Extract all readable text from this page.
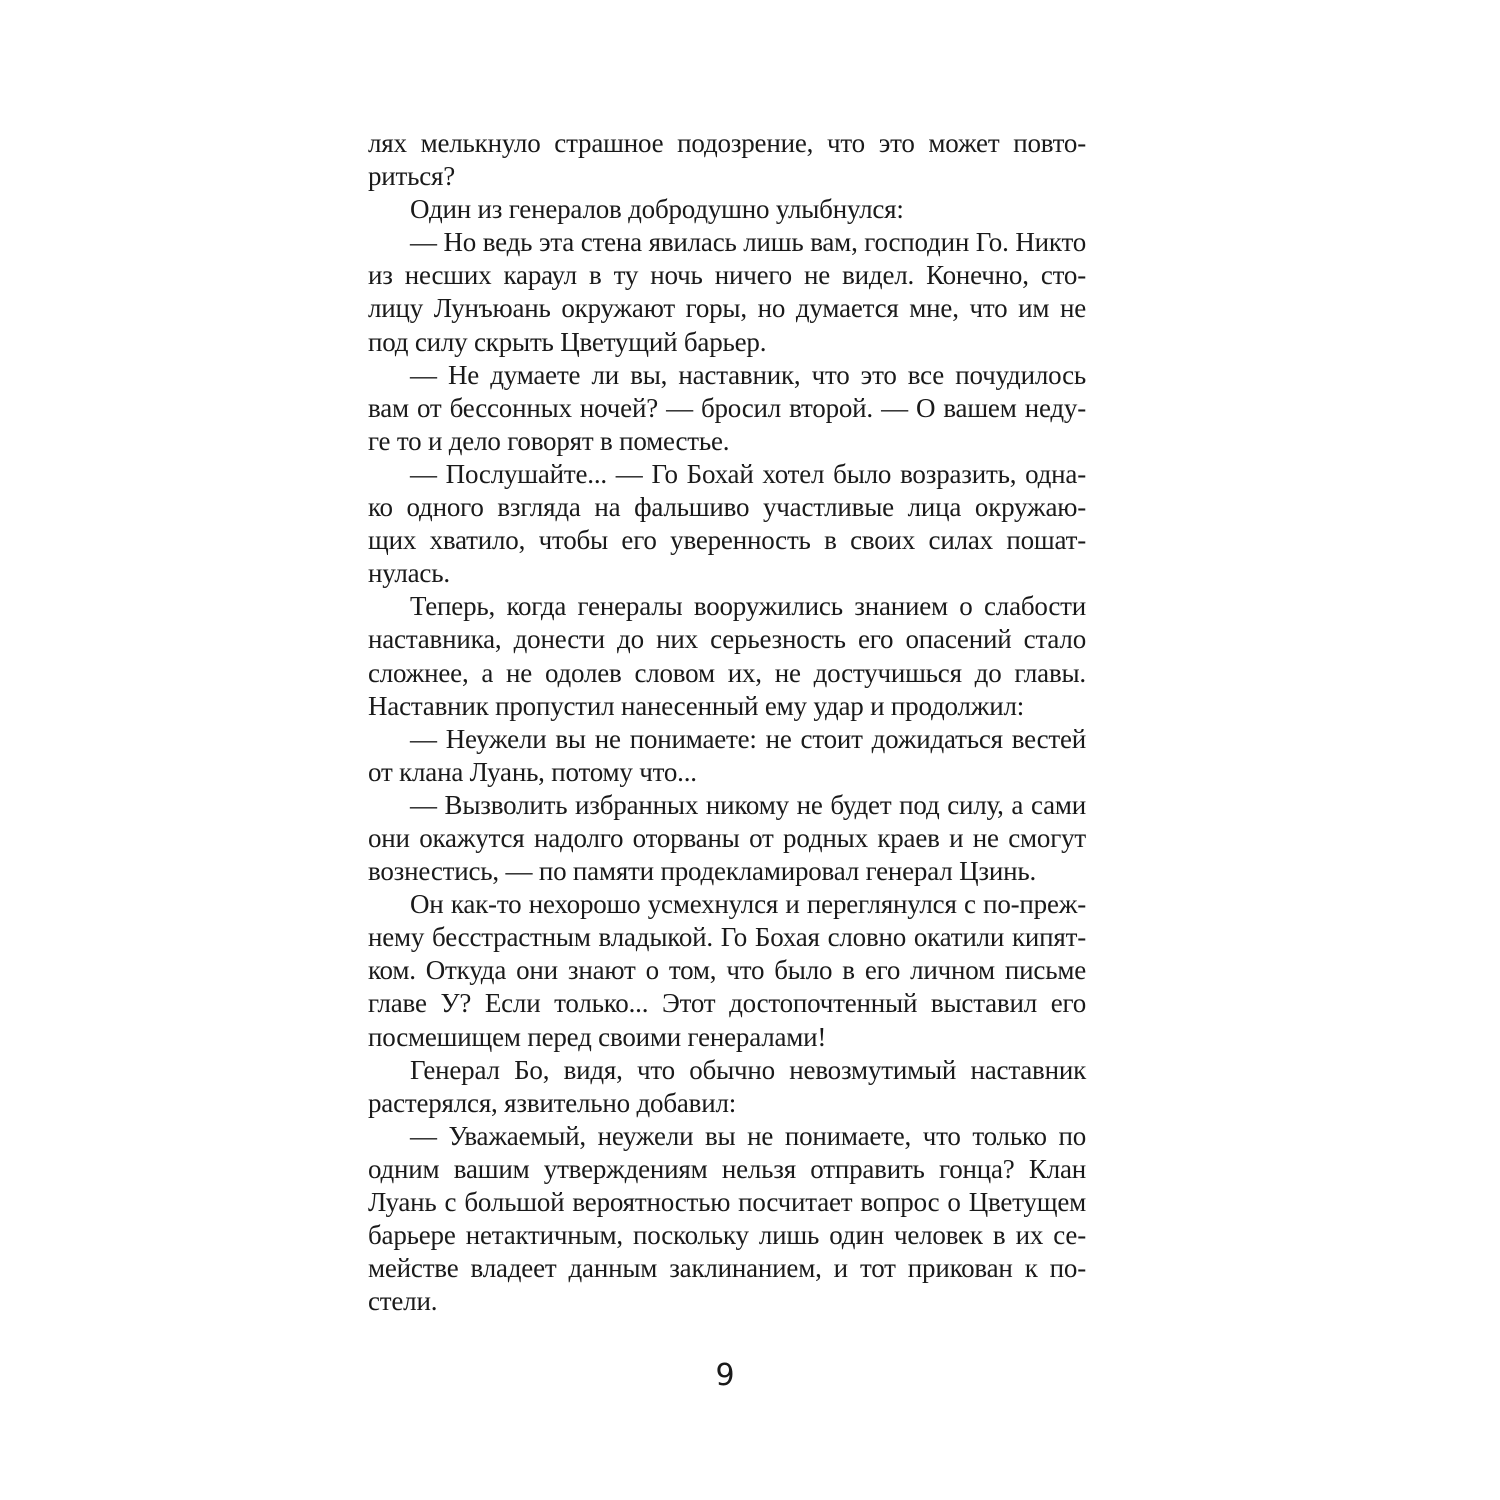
лях мелькнуло страшное подозрение, что это может повто-
риться?
Один из генералов добродушно улыбнулся:
— Но ведь эта стена явилась лишь вам, господин Го. Никто
из несших караул в ту ночь ничего не видел. Конечно, сто-
лицу Лунъюань окружают горы, но думается мне, что им не
под силу скрыть Цветущий барьер.
— Не думаете ли вы, наставник, что это все почудилось
вам от бессонных ночей? — бросил второй. — О вашем неду-
ге то и дело говорят в поместье.
— Послушайте... — Го Бохай хотел было возразить, одна-
ко одного взгляда на фальшиво участливые лица окружаю-
щих хватило, чтобы его уверенность в своих силах пошат-
нулась.
Теперь, когда генералы вооружились знанием о слабости
наставника, донести до них серьезность его опасений стало
сложнее, а не одолев словом их, не достучишься до главы.
Наставник пропустил нанесенный ему удар и продолжил:
— Неужели вы не понимаете: не стоит дожидаться вестей
от клана Луань, потому что...
— Вызволить избранных никому не будет под силу, а сами
они окажутся надолго оторваны от родных краев и не смогут
вознестись, — по памяти продекламировал генерал Цзинь.
Он как-то нехорошо усмехнулся и переглянулся с по-преж-
нему бесстрастным владыкой. Го Бохая словно окатили кипят-
ком. Откуда они знают о том, что было в его личном письме
главе У? Если только... Этот достопочтенный выставил его
посмешищем перед своими генералами!
Генерал Бо, видя, что обычно невозмутимый наставник
растерялся, язвительно добавил:
— Уважаемый, неужели вы не понимаете, что только по
одним вашим утверждениям нельзя отправить гонца? Клан
Луань с большой вероятностью посчитает вопрос о Цветущем
барьере нетактичным, поскольку лишь один человек в их се-
мействе владеет данным заклинанием, и тот прикован к по-
стели.
9
